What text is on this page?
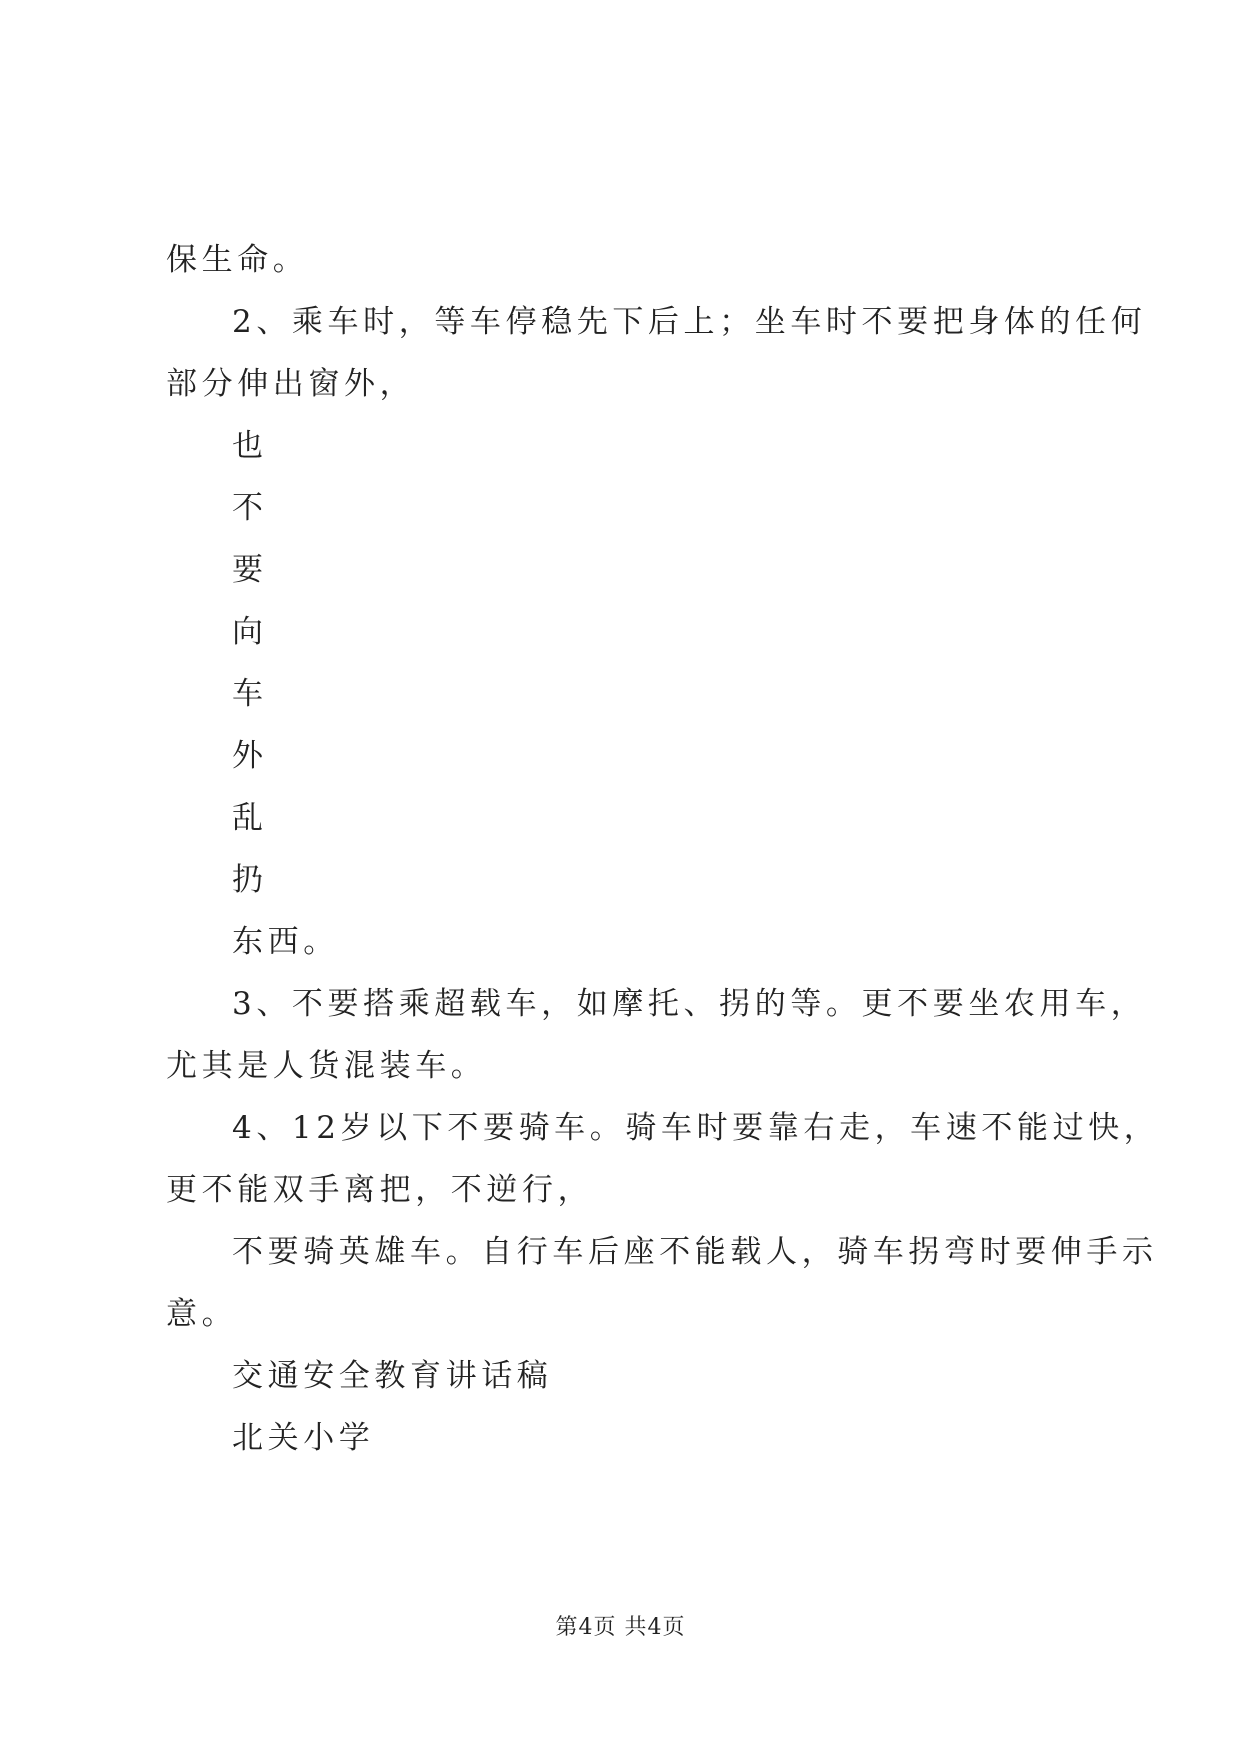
保生命。

2、乘车时，等车停稳先下后上；坐车时不要把身体的任何

部分伸出窗外，

也

不

要

向

车

外

乱

扔

东西。

3、不要搭乘超载车，如摩托、拐的等。更不要坐农用车，

尤其是人货混装车。

4、12岁以下不要骑车。骑车时要靠右走，车速不能过快，

更不能双手离把，不逆行，

不要骑英雄车。自行车后座不能载人，骑车拐弯时要伸手示

意。

交通安全教育讲话稿

北关小学

第4页 共4页
